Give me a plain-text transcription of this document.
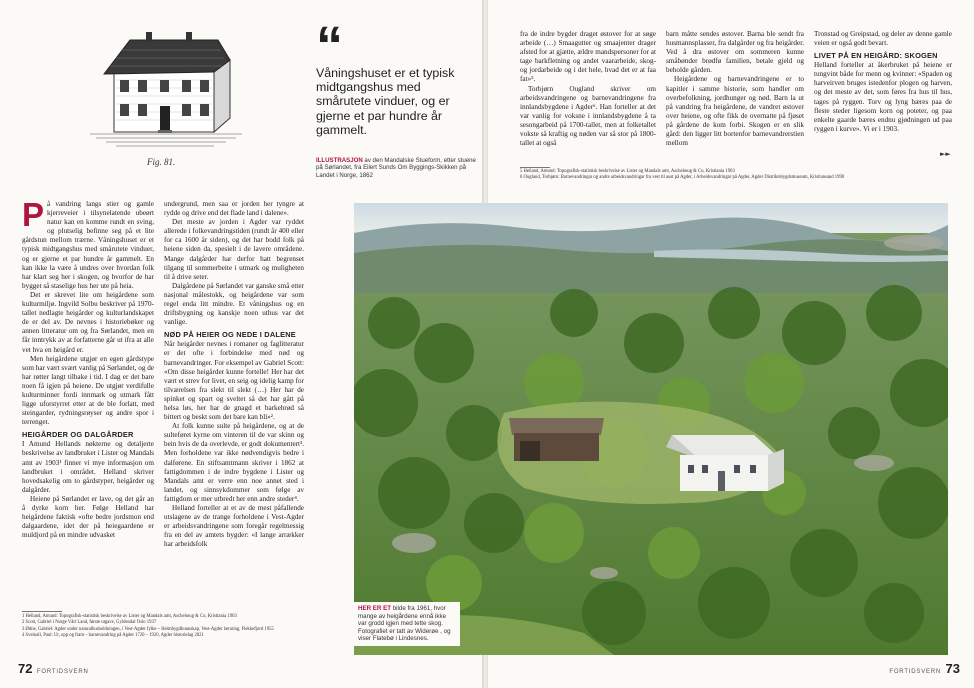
Fig. 81.
“
Våningshuset er et typisk midtgangshus med smårutete vinduer, og er gjerne et par hundre år gammelt.
ILLUSTRASJON av den Mandalske Stueform, etter stuene på Sørlandet, fra Eilert Sunds Om Byggings-Skikken på Landet i Norge, 1862

På vandring langs stier og gamle kjerreveier i tilsynelatende ubeørt natur kan en komme rundt en sving, og plutselig befinne seg på et lite gårdstun mellom trærne. Våningshuset er et typisk midtgangshus med smårutete vinduer, og er gjerne et par hundre år gammelt. En kan ikke la være å undres over hvordan folk har klart seg her i skogen, og hvorfor de har bygget så staselige hus her ute på heia.

Det er skrevet lite om heigårdene som kulturmiljø. Ingvild Solbu beskriver på 1970-tallet nedlagte heigårder og kulturlandskapet de er del av. De nevnes i historiebøker og annen litteratur om og fra Sørlandet, men en får inntrykk av at forfatterne går ut ifra at alle vet hva en heigård er.

Men heigårdene utgjør en egen gårdstype som har vært svært vanlig på Sørlandet, og de har røtter langt tilbake i tid. I dag er det bare noen få igjen på heiene. De utgjør verdifulle kulturminner fordi innmark og utmark fått ligge uforstyrret etter at de ble forlatt, med steingarder, rydningsrøyser og andre spor i terrenget.

HEIGÅRDER OG DALGÅRDER

I Amund Hellands nøkterne og detaljerte beskrivelse av landbruket i Lister og Mandals amt av 1903¹ finner vi mye informasjon om landbruket i området. Helland skriver hovedsakelig om to gårdstyper, heigårder og dalgårder.

Heiene på Sørlandet er lave, og det går an å dyrke korn her. Følge Helland har heigårdene faktisk «ofte bedre jordsmon end dalgaardene, idet der på heiegaardene er muldjord på en mindre udvasket

undergrund, men saa er jorden her tyngre at rydde og drive end det flade land i dalene».

Det meste av jorden i Agder var ryddet allerede i folkevandringstiden (rundt år 400 eller for ca 1600 år siden), og det har bodd folk på heiene siden da, spesielt i de lavere områdene. Mange dalgårder har derfor hatt begrenset tilgang til sommerbeite i utmark og muligheten til å drive seter.

Dalgårdene på Sørlandet var ganske små etter nasjonal målestokk, og heigårdene var som regel enda litt mindre. Et våningshus og en driftsbygning og kanskje noen uthus var det vanlige.

NØD PÅ HEIER OG NEDE I DALENE

Når heigårder nevnes i romaner og faglitteratur er det ofte i forbindelse med nød og barnevandringer. For eksempel av Gabriel Scott: «Om disse heigårder kunne fortelle! Her har det vært et strev for livet, en seig og idelig kamp for tilværelsen fra slekt til slekt (…) Her har de spinket og spart og sveltet så det har gått på helsa løs, her har de gnagd et barkebrød så bittert og beskt som det bare kan bli»².

At folk kunne sulte på heigårdene, og at de sulteføret kyrne om vinteren til de var skinn og bein hvis de da overlevde, er godt dokumentert³. Men forholdene var ikke nødvendigvis bedre i dalførene. En stiftsamtmann skriver i 1862 at fattigdommen i de indre bygdene i Lister og Mandals amt er verre enn noe annet sted i landet, og sinnsykdommer som følge av fattigdom er mer utbredt her enn andre steder⁴.

Helland forteller at et av de mest påfallende utslagene av de trange forholdene i Vest-Agder er arbeidsvandringene som foregår regelmessig fra en del av amtets bygder: «I lange arrækker har arbeidsfolk

1 Helland, Amund: Topografisk-statistisk beskrivelse av Lister og Mandals amt, Aschehoug & Co, Kristiania 1903
2 Scott, Gabriel i Norge Vårt Land, første utgave, Gyldendal Oslo 1937
3 Ødne, Gabriel: Agder under naturalhusholdningen, i Vest-Agder fylke – Heimbygdkunnskap, Vest-Agder lærarlag, Flekkefjord 1955
4 Sveinall, Paul: Ut, opp og fram – barnevandring på Agder 1720 – 1920, Agder historielag 2021
72 FORTIDSVERN

fra de indre bygder draget østover for at søge arbeide (…) Smaagutter og smaajenter drager afsted for at gjætte, ældre mandspersoner for at tage barkfletning og andet vaararbeide, skog- og jordarbeide og i det hele, hvad det er at faa fat»⁵.

Torbjørn Ougland skriver om arbeidsvandringene og barnevandringene fra innlandsbygdene i Agder⁶. Han forteller at det var vanlig for voksne i innlandsbygdene å ta sesongarbeid på 1700-tallet, men at folketallet vokste så kraftig og nøden var så stor på 1800-tallet at også

barn måtte sendes østover. Barna ble sendt fra husmannsplasser, fra dalgårder og fra heigårder. Ved å dra østover om sommeren kunne småbønder brødfø familien, betale gjeld og beholde gården.

Heigårdene og barnevandringene er to kapitler i samme historie, som handler om overbefolkning, jordhunger og nød. Barn la ut på vandring fra heigårdene, de vandret østover over heiene, og ofte fikk de overnatte på fjøset på gårdene de kom forbi. Skogen er en slik gård: den ligger litt bortenfor barnevandrerstien mellom

Tronstad og Greipstad, og deler av denne gamle veien er også godt bevart.

LIVET PÅ EN HEIGÅRD: SKOGEN

Helland forteller at åkerbruket på heiene er tungvint både for menn og kvinner: «Spaden og harveirven bruges istedenfor plogen og harven, og det meste av det, som føres fra hus til hus, tages på ryggen. Torv og lyng bæres paa de fleste steder ligesom korn og poteter, og paa enkelte gaarde bæres endnu gjødningen ud paa ryggen i kurve». Vi er i 1903.

►►
5 Helland, Amund: Topografisk-statistisk beskrivelse av Lister og Mandals amt, Aschehoug & Co, Kristiania 1903
6 Ougland, Torbjørn: Barnevandringar og andre arbeidsvandringar fra vest til aust på Agder, i Arbeidsvandringar på Agder, Agder Distriktsbygdsmuseum, Kristiansand 1990
FORTIDSVERN 73
HER ER ET bilde fra 1961, hvor mange av heigårdene ennå ikke var grodd igjen med tette skog. Fotografiet er tatt av Widerøe , og viser Flatebø i Lindesnes.
